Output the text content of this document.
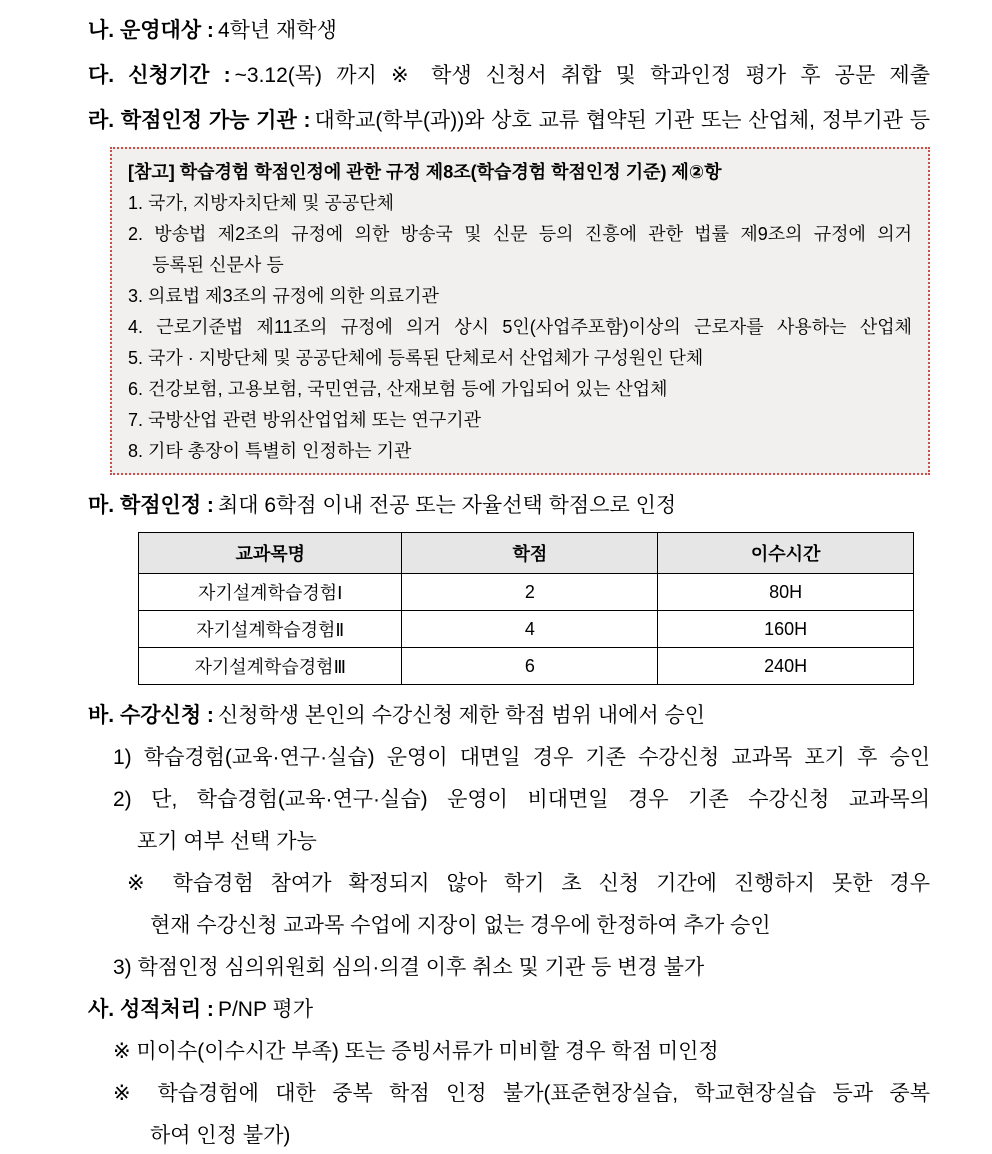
나. 운영대상 : 4학년 재학생
다. 신청기간 : ~3.12(목) 까지 ※ 학생 신청서 취합 및 학과인정 평가 후 공문 제출
라. 학점인정 가능 기관 : 대학교(학부(과))와 상호 교류 협약된 기관 또는 산업체, 정부기관 등
[참고] 학습경험 학점인정에 관한 규정 제8조(학습경험 학점인정 기준) 제②항
1. 국가, 지방자치단체 및 공공단체
2. 방송법 제2조의 규정에 의한 방송국 및 신문 등의 진흥에 관한 법률 제9조의 규정에 의거
등록된 신문사 등
3. 의료법 제3조의 규정에 의한 의료기관
4. 근로기준법 제11조의 규정에 의거 상시 5인(사업주포함)이상의 근로자를 사용하는 산업체
5. 국가 · 지방단체 및 공공단체에 등록된 단체로서 산업체가 구성원인 단체
6. 건강보험, 고용보험, 국민연금, 산재보험 등에 가입되어 있는 산업체
7. 국방산업 관련 방위산업업체 또는 연구기관
8. 기타 총장이 특별히 인정하는 기관
마. 학점인정 : 최대 6학점 이내 전공 또는 자율선택 학점으로 인정
교과목명	학점	이수시간
자기설계학습경험Ⅰ	2	80H
자기설계학습경험Ⅱ	4	160H
자기설계학습경험Ⅲ	6	240H
바. 수강신청 : 신청학생 본인의 수강신청 제한 학점 범위 내에서 승인
1) 학습경험(교육·연구·실습) 운영이 대면일 경우 기존 수강신청 교과목 포기 후 승인
2) 단, 학습경험(교육·연구·실습) 운영이 비대면일 경우 기존 수강신청 교과목의
포기 여부 선택 가능
※ 학습경험 참여가 확정되지 않아 학기 초 신청 기간에 진행하지 못한 경우
현재 수강신청 교과목 수업에 지장이 없는 경우에 한정하여 추가 승인
3) 학점인정 심의위원회 심의·의결 이후 취소 및 기관 등 변경 불가
사. 성적처리 : P/NP 평가
※ 미이수(이수시간 부족) 또는 증빙서류가 미비할 경우 학점 미인정
※ 학습경험에 대한 중복 학점 인정 불가(표준현장실습, 학교현장실습 등과 중복
하여 인정 불가)
